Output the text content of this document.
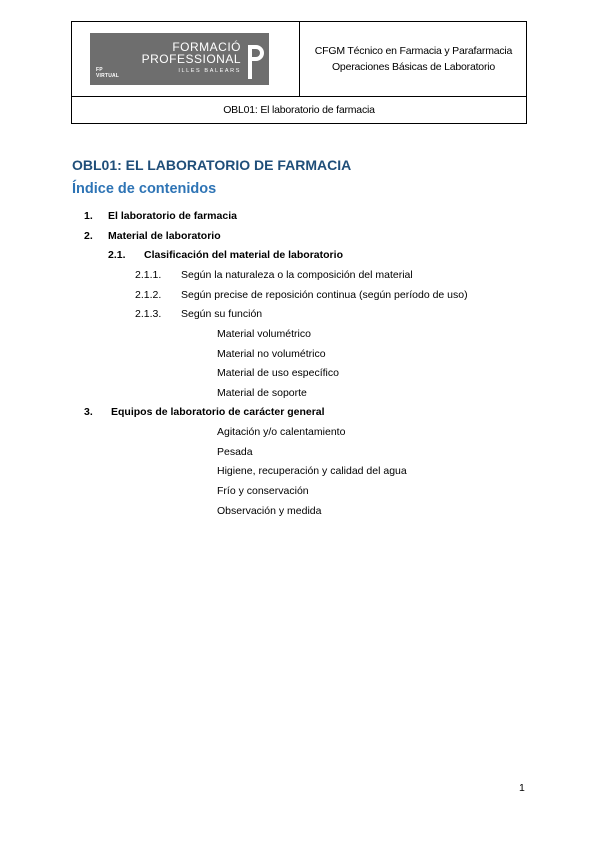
FP
VIRTUAL
FORMACIÓ
PROFESSIONAL
ILLES BALEARS
CFGM Técnico en Farmacia y Parafarmacia
Operaciones Básicas de Laboratorio
OBL01: El laboratorio de farmacia
OBL01: EL LABORATORIO DE FARMACIA
Índice de contenidos
1. El laboratorio de farmacia
2. Material de laboratorio
2.1. Clasificación del material de laboratorio
2.1.1. Según la naturaleza o la composición del material
2.1.2. Según precise de reposición continua (según período de uso)
2.1.3. Según su función
Material volumétrico
Material no volumétrico
Material de uso específico
Material de soporte
3. Equipos de laboratorio de carácter general
Agitación y/o calentamiento
Pesada
Higiene, recuperación y calidad del agua
Frío y conservación
Observación y medida
1
